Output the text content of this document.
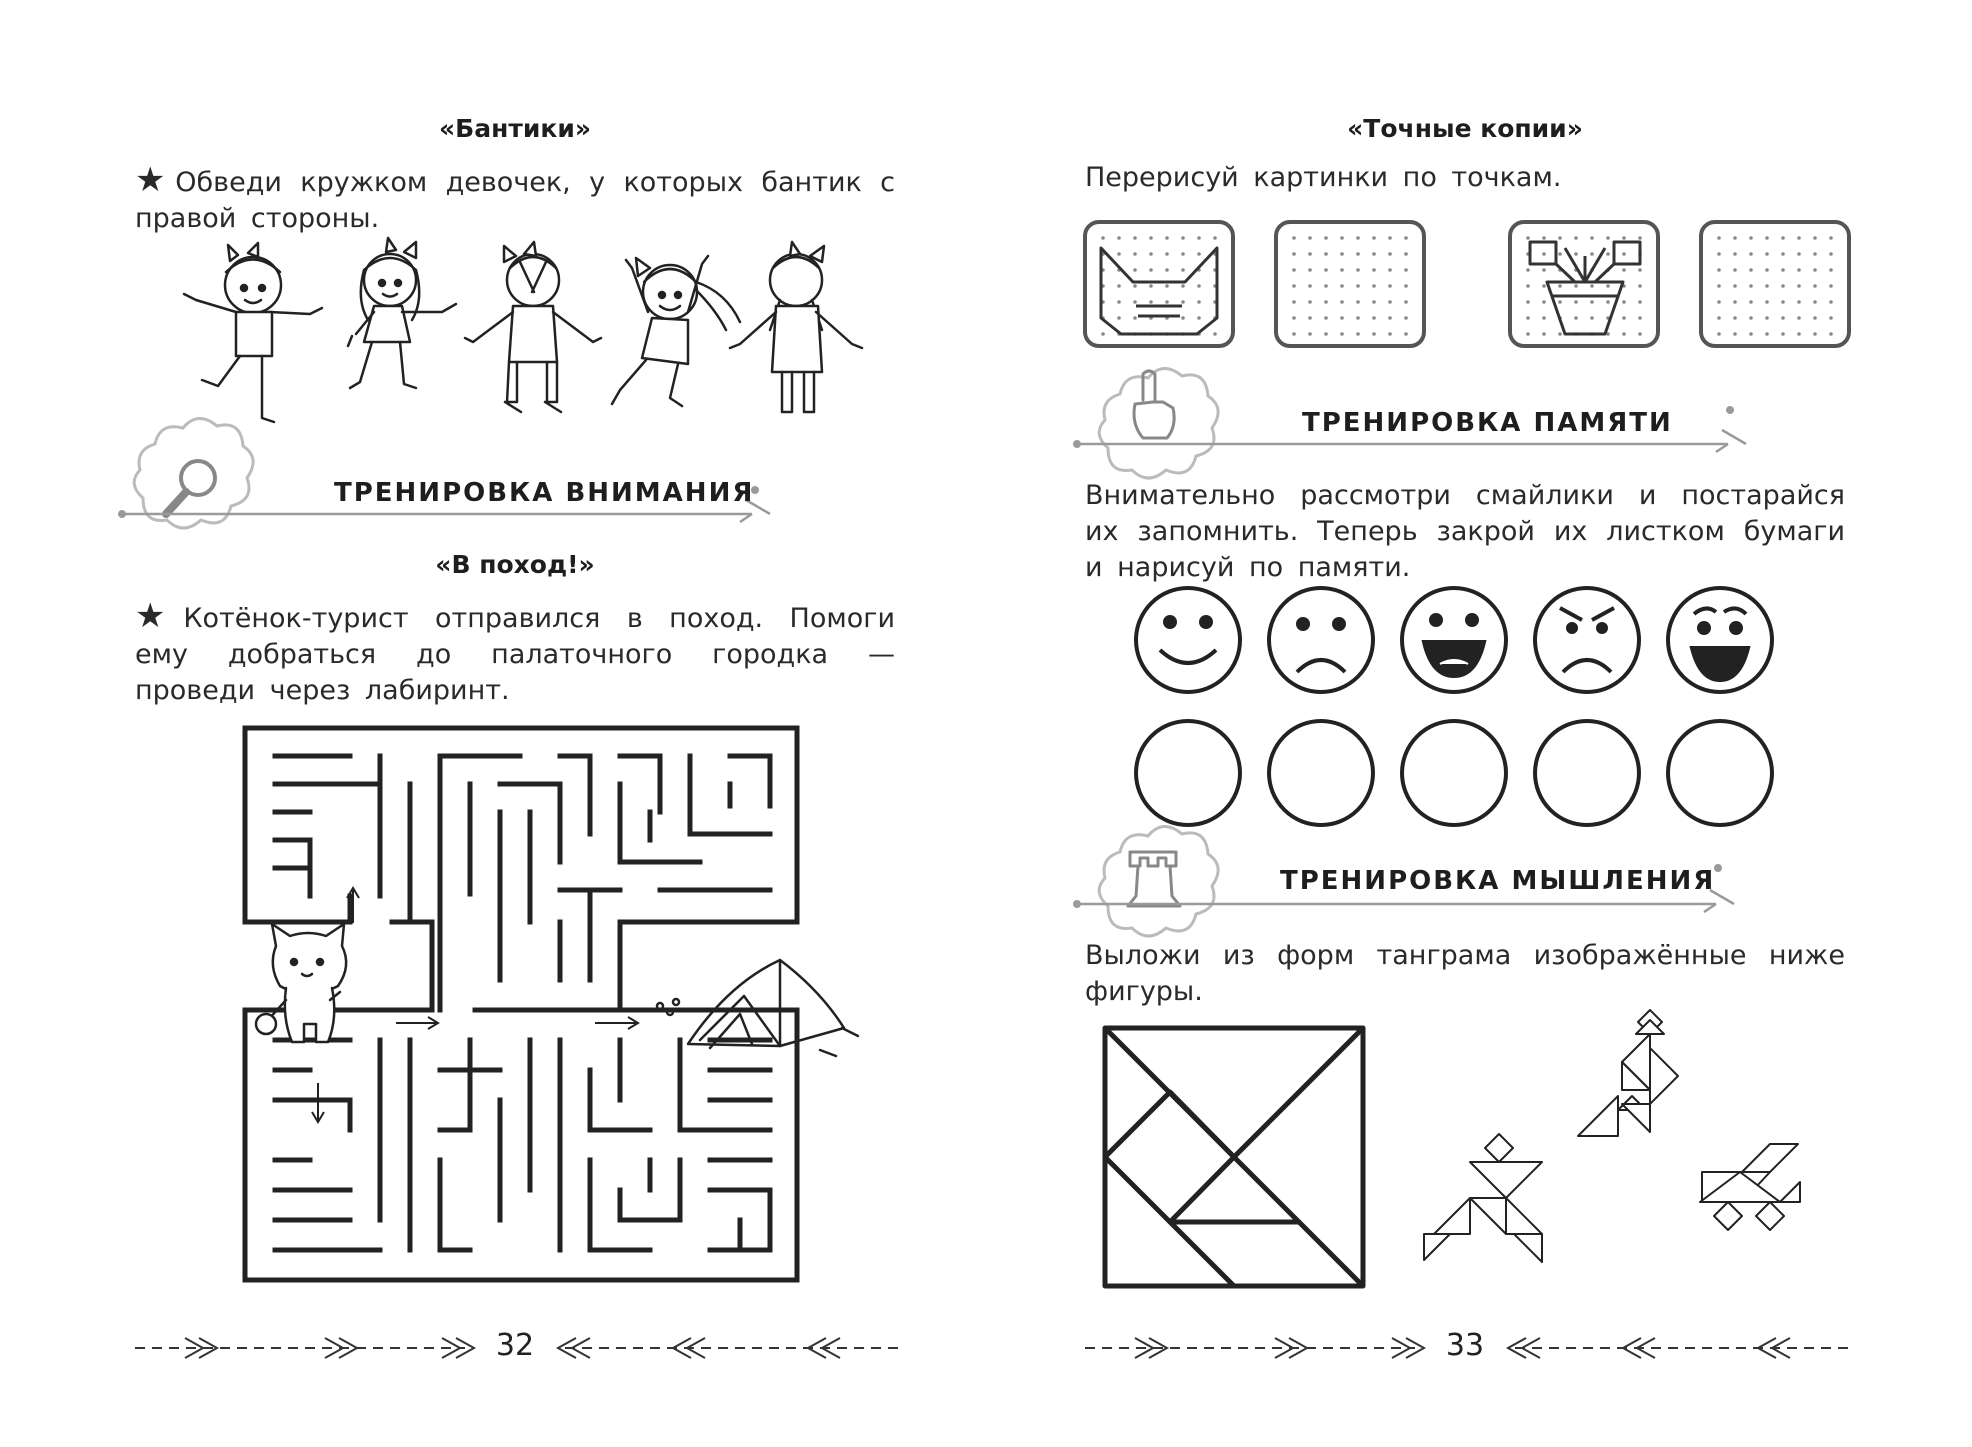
«Бантики»
★ Обведи кружком девочек, у которых бантик с правой стороны.
ТРЕНИРОВКА ВНИМАНИЯ
«В поход!»
★ Котёнок-турист отправился в поход. Помоги ему добраться до палаточного городка — проведи через лабиринт.
32
«Точные копии»
Перерисуй картинки по точкам.
ТРЕНИРОВКА ПАМЯТИ
Внимательно рассмотри смайлики и постарайся их запомнить. Теперь закрой их листком бумаги и нарисуй по памяти.
ТРЕНИРОВКА МЫШЛЕНИЯ
Выложи из форм танграма изображённые ниже фигуры.
33
